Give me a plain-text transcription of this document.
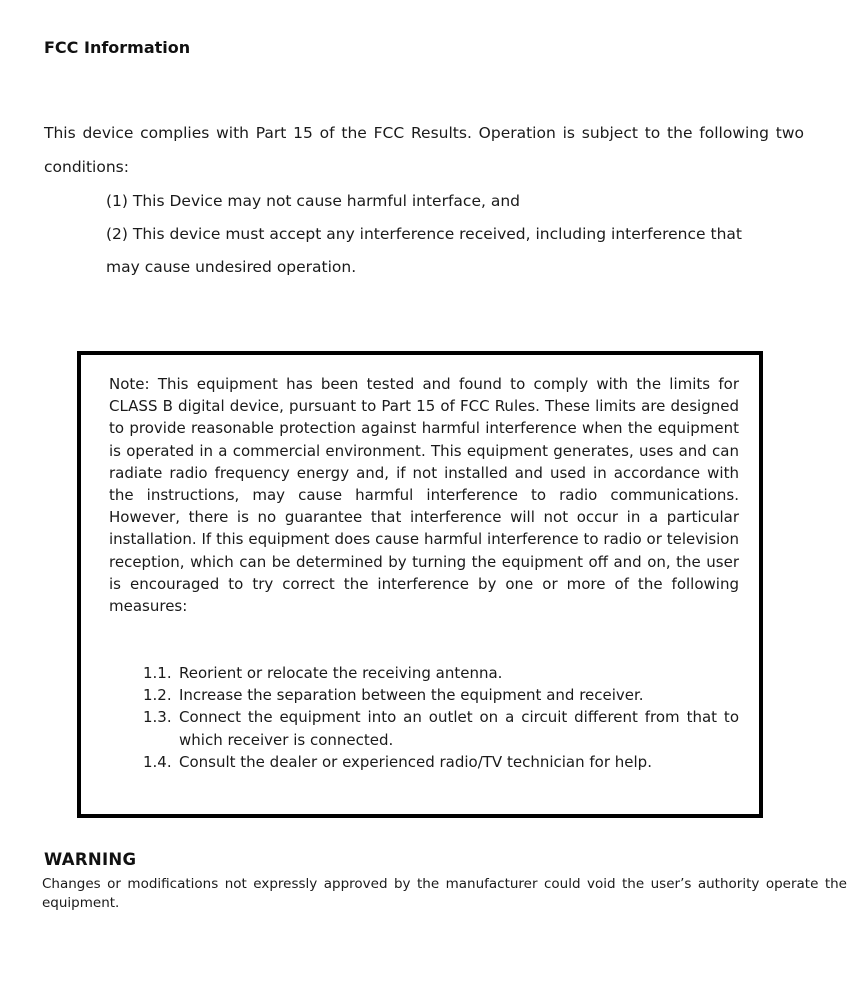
FCC Information
This device complies with Part 15 of the FCC Results. Operation is subject to the following two conditions:
(1) This Device may not cause harmful interface, and
(2) This device must accept any interference received, including interference that may cause undesired operation.
Note: This equipment has been tested and found to comply with the limits for CLASS B digital device, pursuant to Part 15 of FCC Rules. These limits are designed to provide reasonable protection against harmful interference when the equipment is operated in a commercial environment. This equipment generates, uses and can radiate radio frequency energy and, if not installed and used in accordance with the instructions, may cause harmful interference to radio communications. However, there is no guarantee that interference will not occur in a particular installation. If this equipment does cause harmful interference to radio or television reception, which can be determined by turning the equipment off and on, the user is encouraged to try correct the interference by one or more of the following measures:
1.1. Reorient or relocate the receiving antenna.
1.2. Increase the separation between the equipment and receiver.
1.3. Connect the equipment into an outlet on a circuit different from that to which receiver is connected.
1.4. Consult the dealer or experienced radio/TV technician for help.
WARNING
Changes or modifications not expressly approved by the manufacturer could void the user’s authority operate the equipment.
